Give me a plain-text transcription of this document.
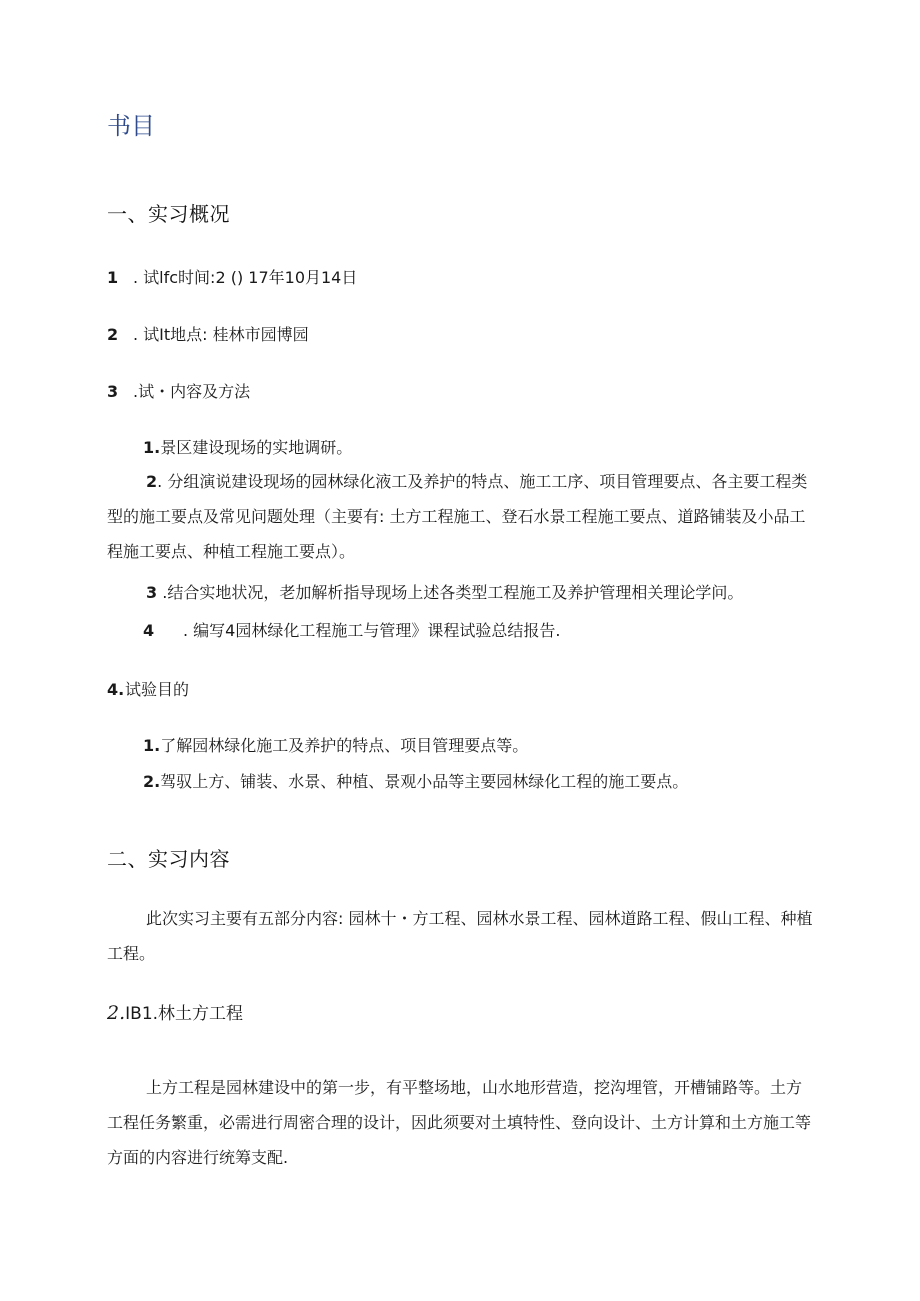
书目
一、实习概况

1 . 试lfc时间:2 () 17年10月14日

2 . 试It地点: 桂林市园博园

3 .试・内容及方法

1.景区建设现场的实地调研。

2. 分组演说建设现场的园林绿化液工及养护的特点、施工工序、项目管理要点、各主要工程类型的施工要点及常见问题处理（主要有: 土方工程施工、登石水景工程施工要点、道路铺装及小品工程施工要点、种植工程施工要点）。

3 .结合实地状况，老加解析指导现场上述各类型工程施工及养护管理相关理论学问。

4 . 编写4园林绿化工程施工与管理》课程试验总结报告.

4.试验目的

1.了解园林绿化施工及养护的特点、项目管理要点等。

2.驾驭上方、铺装、水景、种植、景观小品等主要园林绿化工程的施工要点。

二、实习内容

此次实习主要有五部分内容: 园林十・方工程、园林水景工程、园林道路工程、假山工程、种植工程。

2.IB1.林土方工程

上方工程是园林建设中的第一步，有平整场地，山水地形营造，挖沟埋管，开槽铺路等。土方工程任务繁重，必需进行周密合理的设计，因此须要对土填特性、登向设计、土方计算和土方施工等方面的内容进行统筹支配.
